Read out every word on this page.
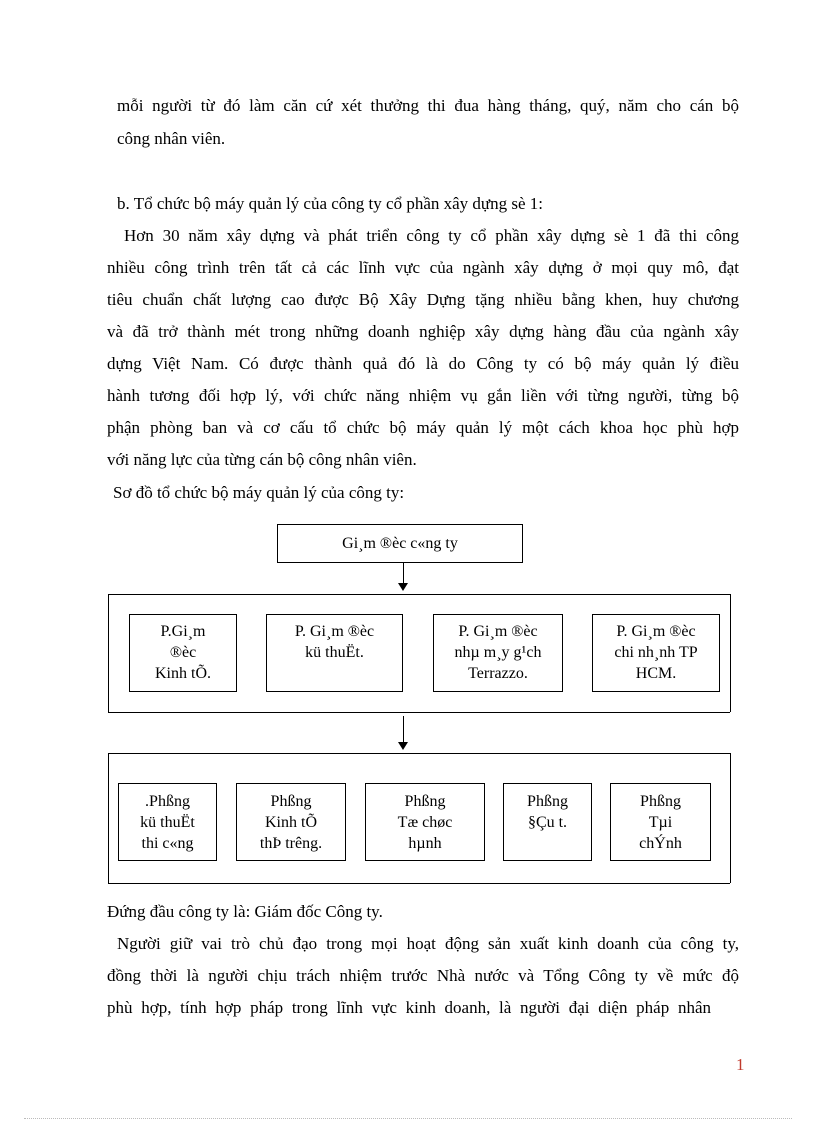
mỗi người từ đó làm căn cứ xét thưởng thi đua hàng tháng, quý, năm cho cán bộ
công nhân viên.
b. Tổ chức bộ máy quản lý của công ty cổ phần xây dựng sè 1:
Hơn 30 năm xây dựng và phát triển công ty cổ phần xây dựng sè 1 đã thi công
nhiều công trình trên tất cả các lĩnh vực của ngành xây dựng ở mọi quy mô, đạt
tiêu chuẩn chất lượng cao được Bộ Xây Dựng tặng nhiều bằng khen, huy chương
và đã trở thành mét trong những doanh nghiệp xây dựng hàng đầu của ngành xây
dựng Việt Nam. Có được thành quả đó là do Công ty có bộ máy quản lý điều
hành tương đối hợp lý, với chức năng nhiệm vụ gắn liền với từng người, từng bộ
phận phòng ban và cơ cấu tổ chức bộ máy quản lý một cách khoa học phù hợp
với năng lực của từng cán bộ công nhân viên.
Sơ đồ tổ chức bộ máy quản lý của công ty:
Gi¸m ®èc c«ng ty
P.Gi¸m
®èc
Kinh tÕ.
P. Gi¸m ®èc
kü thuËt.
P. Gi¸m ®èc
nhµ m¸y g¹ch
Terrazzo.
P. Gi¸m ®èc
chi nh¸nh TP
HCM.
.Phßng
kü thuËt
thi c«ng
Phßng
Kinh tÕ
thÞ trêng.
Phßng
Tæ chøc
hµnh
Phßng
§Çu t.
Phßng
Tµi
chÝnh
Đứng đầu công ty là: Giám đốc Công ty.
Người giữ vai trò chủ đạo trong mọi hoạt động sản xuất kinh doanh của công ty,
đồng thời là người chịu trách nhiệm trước Nhà nước và Tổng Công ty về mức độ
phù hợp, tính hợp pháp trong lĩnh vực kinh doanh, là người đại diện pháp nhân
1
